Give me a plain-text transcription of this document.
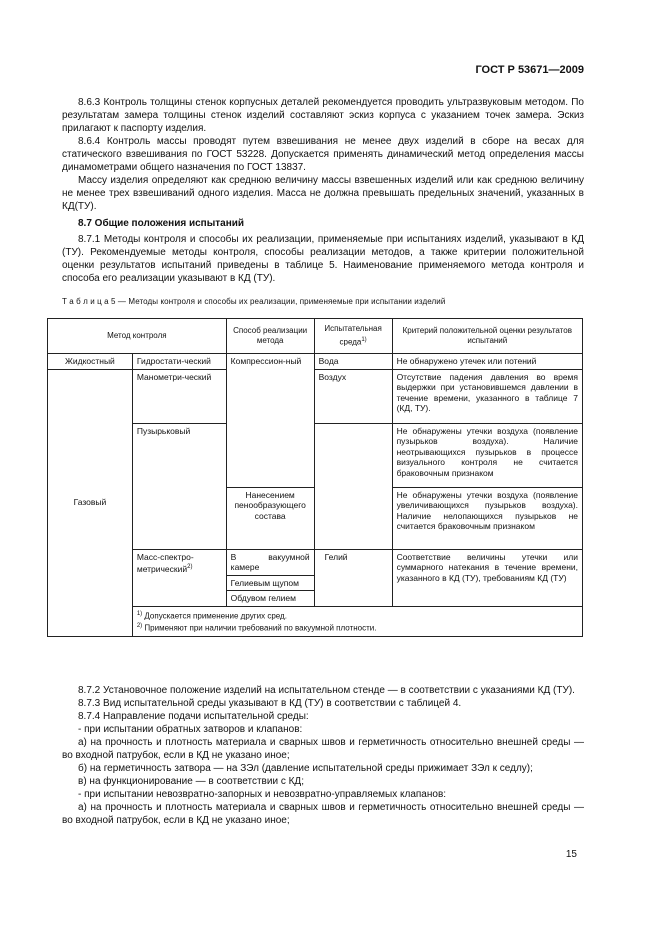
ГОСТ Р 53671—2009

8.6.3 Контроль толщины стенок корпусных деталей рекомендуется проводить ультразвуковым методом. По результатам замера толщины стенок изделий составляют эскиз корпуса с указанием точек замера. Эскиз прилагают к паспорту изделия.

8.6.4 Контроль массы проводят путем взвешивания не менее двух изделий в сборе на весах для статического взвешивания по ГОСТ 53228. Допускается применять динамический метод определения массы динамометрами общего назначения по ГОСТ 13837.

Массу изделия определяют как среднюю величину массы взвешенных изделий или как среднюю величину не менее трех взвешиваний одного изделия. Масса не должна превышать предельных значений, указанных в КД(ТУ).

8.7 Общие положения испытаний

8.7.1 Методы контроля и способы их реализации, применяемые при испытаниях изделий, указывают в КД (ТУ). Рекомендуемые методы контроля, способы реализации методов, а также критерии положительной оценки результатов испытаний приведены в таблице 5. Наименование применяемого метода контроля и способа его реализации указывают в КД (ТУ).

Т а б л и ц а 5 — Методы контроля и способы их реализации, применяемые при испытании изделий
Метод контроля		Способ реализации метода	Испытательная среда$^{1)}$	Критерий положительной оценки результатов испытаний
Жидкостный	Гидростати-ческий	Компрессион-ный	Вода	Не обнаружено утечек или потений
Газовый	Манометри-ческий		Воздух	Отсутствие падения давления во время выдержки при установившемся давлении в течение времени, указанного в таблице 7 (КД, ТУ).
	Пузырьковый			Не обнаружены утечки воздуха (появление пузырьков воздуха). Наличие неотрывающихся пузырьков в процессе визуального контроля не считается браковочным признаком
		Нанесением пенообразующего состава		Не обнаружены утечки воздуха (появление увеличивающихся пузырьков воздуха). Наличие нелопающихся пузырьков не считается браковочным признаком
	Масс-спектро-метрический$^{2)}$	В вакуумной камере	Гелий	Соответствие величины утечки или суммарного натекания в течение времени, указанного в КД (ТУ), требованиям КД (ТУ)
		Гелиевым щупом		
		Обдувом гелием		

	$^{1)}$ Допускается применение других сред.
$^{2)}$ Применяют при наличии требований по вакуумной плотности.			

8.7.2 Установочное положение изделий на испытательном стенде — в соответствии с указаниями КД (ТУ).

8.7.3 Вид испытательной среды указывают в КД (ТУ) в соответствии с таблицей 4.

8.7.4 Направление подачи испытательной среды:

- при испытании обратных затворов и клапанов:

а) на прочность и плотность материала и сварных швов и герметичность относительно внешней среды — во входной патрубок, если в КД не указано иное;

б) на герметичность затвора — на ЗЭл (давление испытательной среды прижимает ЗЭл к седлу);

в) на функционирование — в соответствии с КД;

- при испытании невозвратно-запорных и невозвратно-управляемых клапанов:

а) на прочность и плотность материала и сварных швов и герметичность относительно внешней среды — во входной патрубок, если в КД не указано иное;

15
